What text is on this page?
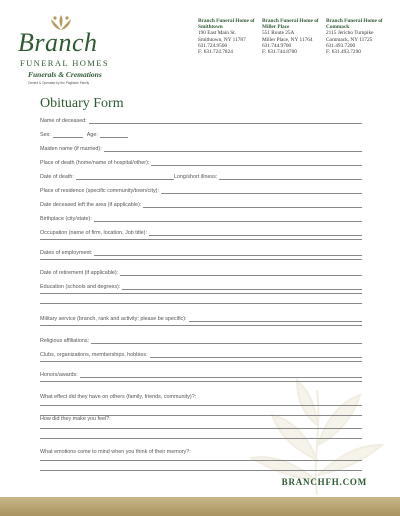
Branch
FUNERAL HOMES
Funerals & Cremations
Owned & Operated by the Pagliarini Family
Branch Funeral Home of Smithtown
190 East Main St.
Smithtown, NY 11787
631.724.9500
F: 631.724.7824
Branch Funeral Home of Miller Place
551 Route 25A
Miller Place, NY 11764
631.744.9700
F: 631.744.8700
Branch Funeral Home of Commack
2115 Jericho Turnpike
Commack, NY 11725
631.493.7200
F: 631.493.7290
Obituary Form
Name of deceased:
Sex:	Age:
Maiden name (if married):
Place of death (home/name of hospital/other):
Date of death:	Long/short illness:
Place of residence (specific community/town/city):
Date deceased left the area (if applicable):
Birthplace (city/state):
Occupation (name of firm, location, Job title):
Dates of employment:
Date of retirement (if applicable):
Education (schools and degrees):
Military service (branch, rank and activity; please be specific):
Religious affiliations:
Clubs, organizations, memberships, hobbies:
Honors/awards:
What effect did they have on others (family, friends, community)?:
How did they make you feel?:
What emotions come to mind when you think of their memory?:
BRANCHFH.COM
